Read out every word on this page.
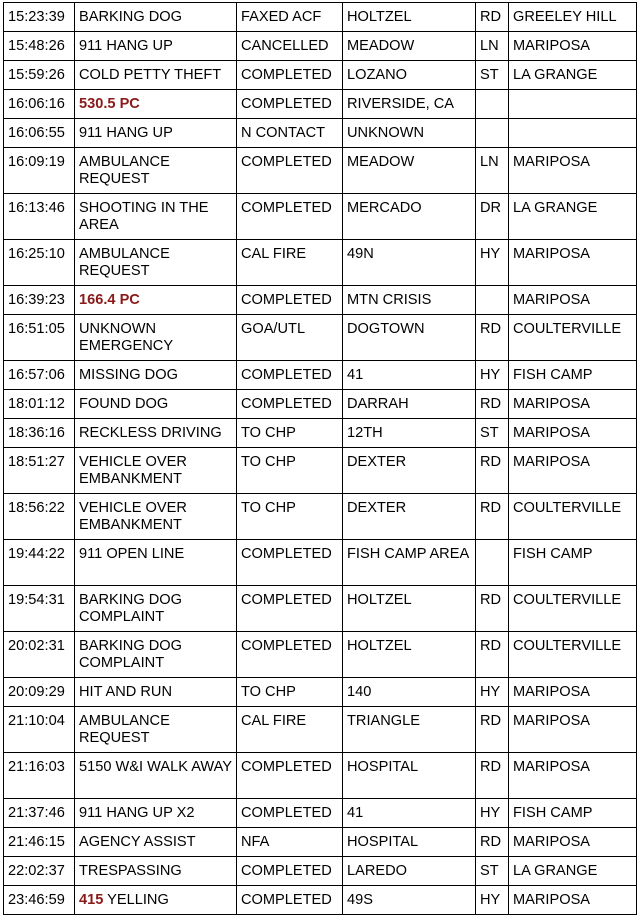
15:23:39	BARKING DOG	FAXED ACF	HOLTZEL	RD	GREELEY HILL
15:48:26	911 HANG UP	CANCELLED	MEADOW	LN	MARIPOSA
15:59:26	COLD PETTY THEFT	COMPLETED	LOZANO	ST	LA GRANGE
16:06:16	530.5 PC	COMPLETED	RIVERSIDE, CA		
16:06:55	911 HANG UP	N CONTACT	UNKNOWN		
16:09:19	AMBULANCE REQUEST	COMPLETED	MEADOW	LN	MARIPOSA
16:13:46	SHOOTING IN THE AREA	COMPLETED	MERCADO	DR	LA GRANGE
16:25:10	AMBULANCE REQUEST	CAL FIRE	49N	HY	MARIPOSA
16:39:23	166.4 PC	COMPLETED	MTN CRISIS		MARIPOSA
16:51:05	UNKNOWN EMERGENCY	GOA/UTL	DOGTOWN	RD	COULTERVILLE
16:57:06	MISSING DOG	COMPLETED	41	HY	FISH CAMP
18:01:12	FOUND DOG	COMPLETED	DARRAH	RD	MARIPOSA
18:36:16	RECKLESS DRIVING	TO CHP	12TH	ST	MARIPOSA
18:51:27	VEHICLE OVER EMBANKMENT	TO CHP	DEXTER	RD	MARIPOSA
18:56:22	VEHICLE OVER EMBANKMENT	TO CHP	DEXTER	RD	COULTERVILLE
19:44:22	911 OPEN LINE	COMPLETED	FISH CAMP AREA		FISH CAMP
19:54:31	BARKING DOG COMPLAINT	COMPLETED	HOLTZEL	RD	COULTERVILLE
20:02:31	BARKING DOG COMPLAINT	COMPLETED	HOLTZEL	RD	COULTERVILLE
20:09:29	HIT AND RUN	TO CHP	140	HY	MARIPOSA
21:10:04	AMBULANCE REQUEST	CAL FIRE	TRIANGLE	RD	MARIPOSA
21:16:03	5150 W&I WALK AWAY	COMPLETED	HOSPITAL	RD	MARIPOSA
21:37:46	911 HANG UP X2	COMPLETED	41	HY	FISH CAMP
21:46:15	AGENCY ASSIST	NFA	HOSPITAL	RD	MARIPOSA
22:02:37	TRESPASSING	COMPLETED	LAREDO	ST	LA GRANGE
23:46:59	415 YELLING	COMPLETED	49S	HY	MARIPOSA
